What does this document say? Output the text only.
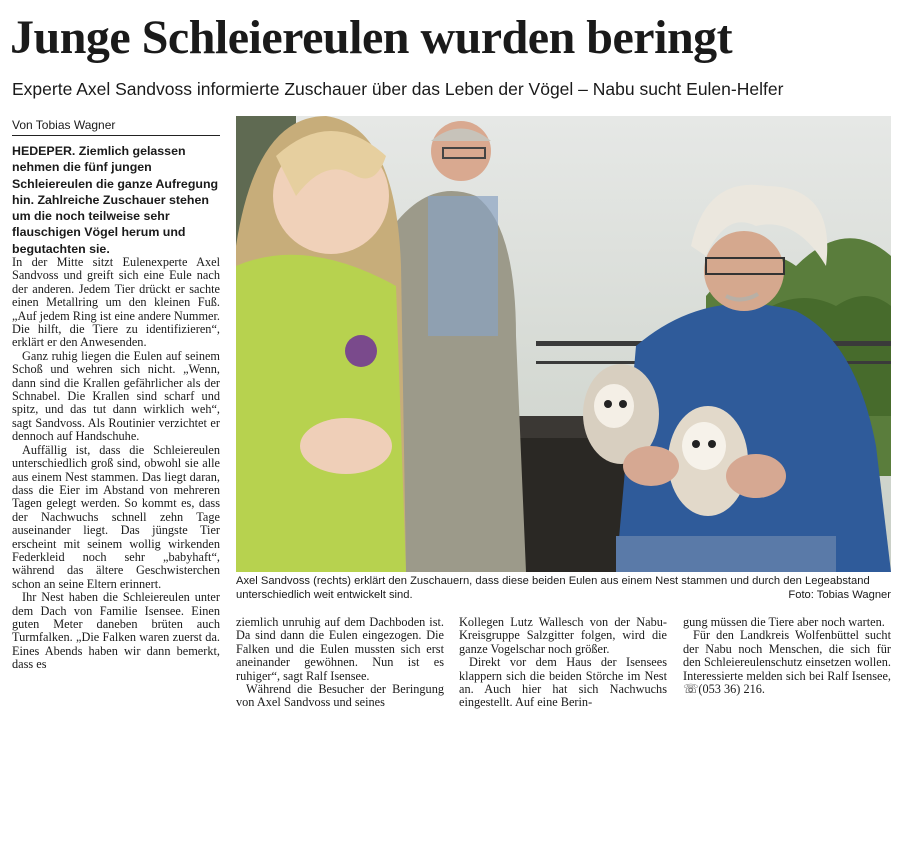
Junge Schleiereulen wurden beringt
Experte Axel Sandvoss informierte Zuschauer über das Leben der Vögel – Nabu sucht Eulen-Helfer
Von Tobias Wagner
HEDEPER. Ziemlich gelassen nehmen die fünf jungen Schleiereulen die ganze Aufregung hin. Zahlreiche Zuschauer stehen um die noch teilweise sehr flauschigen Vögel herum und begutachten sie.

In der Mitte sitzt Eulenexperte Axel Sandvoss und greift sich eine Eule nach der anderen. Jedem Tier drückt er sachte einen Metallring um den kleinen Fuß. „Auf jedem Ring ist eine andere Nummer. Die hilft, die Tiere zu identifizieren“, erklärt er den Anwesenden.

Ganz ruhig liegen die Eulen auf seinem Schoß und wehren sich nicht. „Wenn, dann sind die Krallen gefährlicher als der Schnabel. Die Krallen sind scharf und spitz, und das tut dann wirklich weh“, sagt Sandvoss. Als Routinier verzichtet er dennoch auf Handschuhe.

Auffällig ist, dass die Schleiereulen unterschiedlich groß sind, obwohl sie alle aus einem Nest stammen. Das liegt daran, dass die Eier im Abstand von mehreren Tagen gelegt werden. So kommt es, dass der Nachwuchs schnell zehn Tage auseinander liegt. Das jüngste Tier erscheint mit seinem wollig wirkenden Federkleid noch sehr „babyhaft“, während das ältere Geschwisterchen schon an seine Eltern erinnert.

Ihr Nest haben die Schleiereulen unter dem Dach von Familie Isensee. Einen guten Meter daneben brüten auch Turmfalken. „Die Falken waren zuerst da. Eines Abends haben wir dann bemerkt, dass es

Axel Sandvoss (rechts) erklärt den Zuschauern, dass diese beiden Eulen aus einem Nest stammen und durch den Legeabstand unterschiedlich weit entwickelt sind.	Foto: Tobias Wagner

ziemlich unruhig auf dem Dachboden ist. Da sind dann die Eulen eingezogen. Die Falken und die Eulen mussten sich erst aneinander gewöhnen. Nun ist es ruhiger“, sagt Ralf Isensee.

Während die Besucher der Beringung von Axel Sandvoss und seines

Kollegen Lutz Wallesch von der Nabu-Kreisgruppe Salzgitter folgen, wird die ganze Vogelschar noch größer.

Direkt vor dem Haus der Isensees klappern sich die beiden Störche im Nest an. Auch hier hat sich Nachwuchs eingestellt. Auf eine Berin-

gung müssen die Tiere aber noch warten.

Für den Landkreis Wolfenbüttel sucht der Nabu noch Menschen, die sich für den Schleiereulenschutz einsetzen wollen. Interessierte melden sich bei Ralf Isensee, ☏(053 36) 216.
